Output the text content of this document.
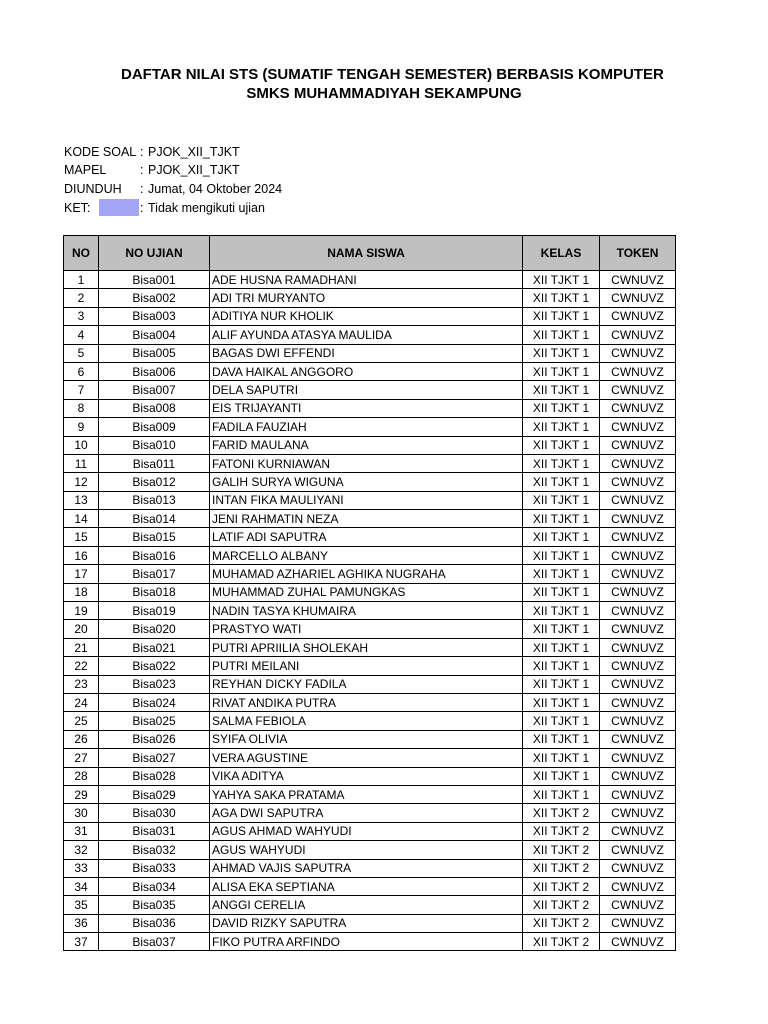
DAFTAR NILAI STS (SUMATIF TENGAH SEMESTER) BERBASIS KOMPUTER
SMKS MUHAMMADIYAH SEKAMPUNG
KODE SOAL : PJOK_XII_TJKT
MAPEL	: PJOK_XII_TJKT
DIUNDUH : Jumat, 04 Oktober 2024
KET:	: Tidak mengikuti ujian
NO	NO UJIAN	NAMA SISWA	KELAS	TOKEN
1	Bisa001	ADE HUSNA RAMADHANI	XII TJKT 1	CWNUVZ
2	Bisa002	ADI TRI MURYANTO	XII TJKT 1	CWNUVZ
3	Bisa003	ADITIYA NUR KHOLIK	XII TJKT 1	CWNUVZ
4	Bisa004	ALIF AYUNDA ATASYA MAULIDA	XII TJKT 1	CWNUVZ
5	Bisa005	BAGAS DWI EFFENDI	XII TJKT 1	CWNUVZ
6	Bisa006	DAVA HAIKAL ANGGORO	XII TJKT 1	CWNUVZ
7	Bisa007	DELA SAPUTRI	XII TJKT 1	CWNUVZ
8	Bisa008	EIS TRIJAYANTI	XII TJKT 1	CWNUVZ
9	Bisa009	FADILA FAUZIAH	XII TJKT 1	CWNUVZ
10	Bisa010	FARID MAULANA	XII TJKT 1	CWNUVZ
11	Bisa011	FATONI KURNIAWAN	XII TJKT 1	CWNUVZ
12	Bisa012	GALIH SURYA WIGUNA	XII TJKT 1	CWNUVZ
13	Bisa013	INTAN FIKA MAULIYANI	XII TJKT 1	CWNUVZ
14	Bisa014	JENI RAHMATIN NEZA	XII TJKT 1	CWNUVZ
15	Bisa015	LATIF ADI SAPUTRA	XII TJKT 1	CWNUVZ
16	Bisa016	MARCELLO ALBANY	XII TJKT 1	CWNUVZ
17	Bisa017	MUHAMAD AZHARIEL AGHIKA NUGRAHA	XII TJKT 1	CWNUVZ
18	Bisa018	MUHAMMAD ZUHAL PAMUNGKAS	XII TJKT 1	CWNUVZ
19	Bisa019	NADIN TASYA KHUMAIRA	XII TJKT 1	CWNUVZ
20	Bisa020	PRASTYO WATI	XII TJKT 1	CWNUVZ
21	Bisa021	PUTRI APRIILIA SHOLEKAH	XII TJKT 1	CWNUVZ
22	Bisa022	PUTRI MEILANI	XII TJKT 1	CWNUVZ
23	Bisa023	REYHAN DICKY FADILA	XII TJKT 1	CWNUVZ
24	Bisa024	RIVAT ANDIKA PUTRA	XII TJKT 1	CWNUVZ
25	Bisa025	SALMA FEBIOLA	XII TJKT 1	CWNUVZ
26	Bisa026	SYIFA OLIVIA	XII TJKT 1	CWNUVZ
27	Bisa027	VERA AGUSTINE	XII TJKT 1	CWNUVZ
28	Bisa028	VIKA ADITYA	XII TJKT 1	CWNUVZ
29	Bisa029	YAHYA SAKA PRATAMA	XII TJKT 1	CWNUVZ
30	Bisa030	AGA DWI SAPUTRA	XII TJKT 2	CWNUVZ
31	Bisa031	AGUS AHMAD WAHYUDI	XII TJKT 2	CWNUVZ
32	Bisa032	AGUS WAHYUDI	XII TJKT 2	CWNUVZ
33	Bisa033	AHMAD VAJIS SAPUTRA	XII TJKT 2	CWNUVZ
34	Bisa034	ALISA EKA SEPTIANA	XII TJKT 2	CWNUVZ
35	Bisa035	ANGGI CERELIA	XII TJKT 2	CWNUVZ
36	Bisa036	DAVID RIZKY SAPUTRA	XII TJKT 2	CWNUVZ
37	Bisa037	FIKO PUTRA ARFINDO	XII TJKT 2	CWNUVZ
